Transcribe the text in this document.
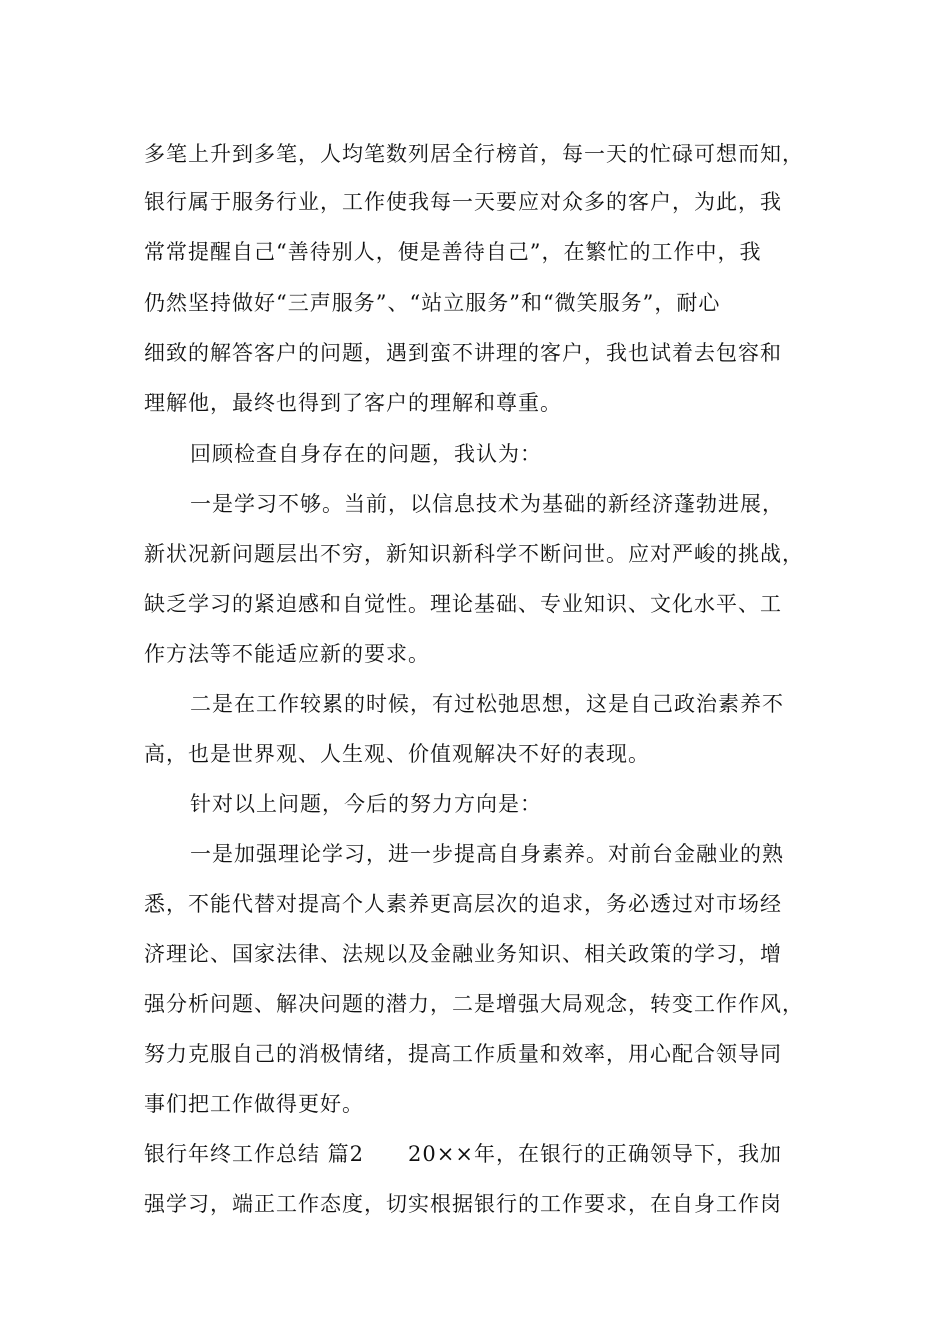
多笔上升到多笔，人均笔数列居全行榜首，每一天的忙碌可想而知，
银行属于服务行业，工作使我每一天要应对众多的客户，为此，我
常常提醒自己“善待别人，便是善待自己”，在繁忙的工作中，我
仍然坚持做好“三声服务”、“站立服务”和“微笑服务”，耐心
细致的解答客户的问题，遇到蛮不讲理的客户，我也试着去包容和
理解他，最终也得到了客户的理解和尊重。
回顾检查自身存在的问题，我认为：
一是学习不够。当前，以信息技术为基础的新经济蓬勃进展，
新状况新问题层出不穷，新知识新科学不断问世。应对严峻的挑战，
缺乏学习的紧迫感和自觉性。理论基础、专业知识、文化水平、工
作方法等不能适应新的要求。
二是在工作较累的时候，有过松弛思想，这是自己政治素养不
高，也是世界观、人生观、价值观解决不好的表现。
针对以上问题，今后的努力方向是：
一是加强理论学习，进一步提高自身素养。对前台金融业的熟
悉，不能代替对提高个人素养更高层次的追求，务必透过对市场经
济理论、国家法律、法规以及金融业务知识、相关政策的学习，增
强分析问题、解决问题的潜力，二是增强大局观念，转变工作作风，
努力克服自己的消极情绪，提高工作质量和效率，用心配合领导同
事们把工作做得更好。
银行年终工作总结 篇2　　20××年，在银行的正确领导下，我加
强学习，端正工作态度，切实根据银行的工作要求，在自身工作岗
